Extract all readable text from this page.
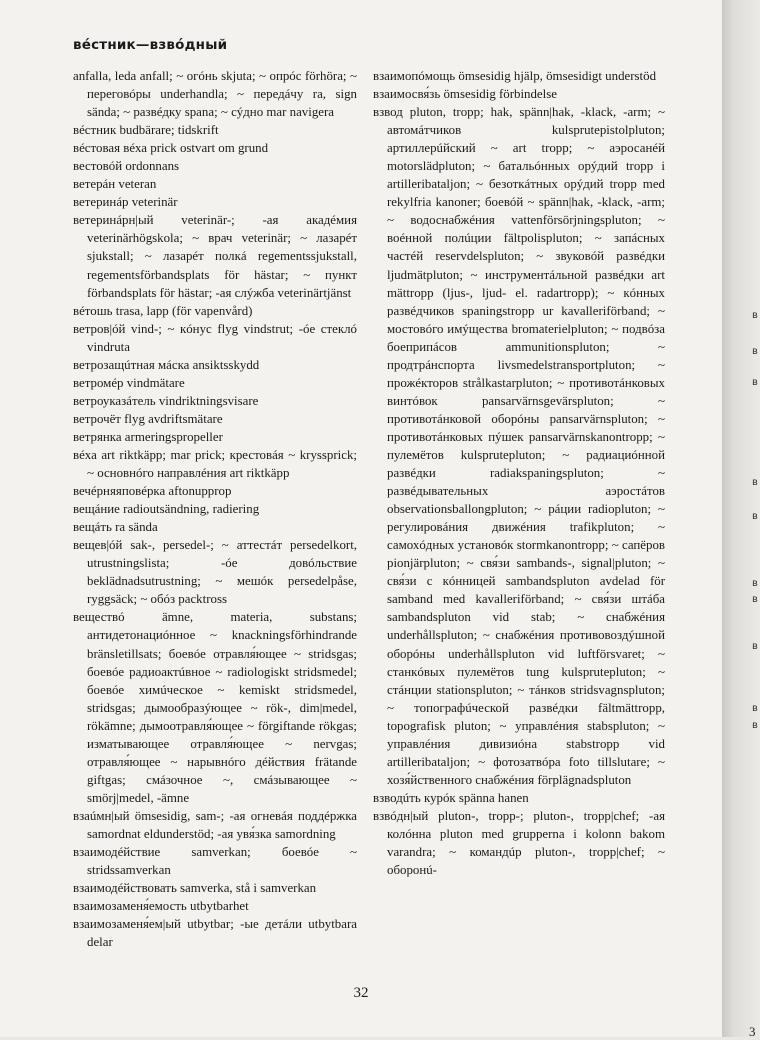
вéстник—взвóдный

anfalla, leda anfall; ~ огóнь skjuta; ~ опрóс förhöra; ~ переговóры underhandla; ~ передáчу ra, sign sända; ~ развéдку spana; ~ сýдно mar navigera

вéстник budbärare; tidskrift

вéстовая вéха prick ostvart om grund

вестовóй ordonnans

ветерáн veteran

ветеринáр veterinär

ветеринáрн|ый veterinär-; -ая акадéмия veterinärhögskola; ~ врач veterinär; ~ лазарéт sjukstall; ~ лазарéт полкá regementssjukstall, regementsförbandsplats för hästar; ~ пункт förbandsplats för hästar; -ая слýжба veterinärtjänst

вéтошь trasa, lapp (för vapenvård)

ветров|óй vind-; ~ кóнус flyg vindstrut; -óе стеклó vindruta

ветрозащúтная мáска ansiktsskydd

ветромéр vindmätare

ветроуказáтель vindriktningsvisare

ветрочёт flyg avdriftsmätare

ветрянка armeringspropeller

вéха art riktkäpp; mar prick; крестовáя ~ kryssprick; ~ основнóго направлéния art riktkäpp

вечéрняяповéрка aftonupprop

вещáние radioutsändning, radiering

вещáть ra sända

вещев|óй sak-, persedel-; ~ аттестáт persedelkort, utrustningslista; -óе довóльствие beklädnadsutrustning; ~ мешóк persedelpåse, ryggsäck; ~ обóз packtross

веществó ämne, materia, substans; антидетонациóнное ~ knackningsförhindrande bränsletillsats; боевóе отравля́ющее ~ stridsgas; боевóе радиоактúвное ~ radiologiskt stridsmedel; боевóе химúческое ~ kemiskt stridsmedel, stridsgas; дымообразýющее ~ rök-, dim|medel, rökämne; дымоотравля́ющее ~ förgiftande rökgas; изматывающее отравля́ющее ~ nervgas; отравля́ющее ~ нарывнóго дéйствия frätande giftgas; смáзочное ~, смáзывающее ~ smörj|medel, -ämne

взаúмн|ый ömsesidig, sam-; -ая огневáя поддéржка samordnat eldunderstöd; -ая увя́зка samordning

взаимодéйствие samverkan; боевóе ~ stridssamverkan

взаимодéйствовать samverka, stå i samverkan

взаимозаменя́емость utbytbarhet

взаимозаменя́ем|ый utbytbar; -ые детáли utbytbara delar

взаимопóмощь ömsesidig hjälp, ömsesidigt understöd

взаимосвя́зь ömsesidig förbindelse

взвод pluton, tropp; hak, spänn|hak, -klack, -arm; ~ автомáтчиков kulsprutepistolpluton; артиллерúйский ~ art tropp; ~ аэросанéй motorslädpluton; ~ батальóнных орýдий tropp i artilleribataljon; ~ безоткáтных орýдий tropp med rekylfria kanoner; боевóй ~ spänn|hak, -klack, -arm; ~ водоснабжéния vattenförsörjningspluton; ~ воéнной полúции fältpolispluton; ~ запáсных частéй reservdelspluton; ~ звуковóй развéдки ljudmätpluton; ~ инструментáльной развéдки art mättropp (ljus-, ljud- el. radartropp); ~ кóнных развéдчиков spaningstropp ur kavalleriförband; ~ мостовóго имýщества bromaterielpluton; ~ подвóза боеприпáсов ammunitionspluton; ~ продтрáнспорта livsmedelstransportpluton; ~ прожéкторов strålkastarpluton; ~ противотáнковых винтóвок pansarvärnsgevärspluton; ~ противотáнковой оборóны pansarvärnspluton; ~ противотáнковых пýшек pansarvärnskanontropp; ~ пулемётов kulsprutepluton; ~ радиациóнной развéдки radiakspaningspluton; ~ развéдывательных аэростáтов observationsballongpluton; ~ рáции radiopluton; ~ регулировáния движéния trafikpluton; ~ самохóдных установóк stormkanontropp; ~ сапёров pionjärpluton; ~ свя́зи sambands-, signal|pluton; ~ свя́зи с кóнницей sambandspluton avdelad för samband med kavalleriförband; ~ свя́зи штáба sambandspluton vid stab; ~ снабжéния underhållspluton; ~ снабжéния противовоздýшной оборóны underhållspluton vid luftförsvaret; ~ станкóвых пулемётов tung kulsprutepluton; ~ стáнции stationspluton; ~ тáнков stridsvagnspluton; ~ топографúческой развéдки fältmättropp, topografisk pluton; ~ управлéния stabspluton; ~ управлéния дивизиóна stabstropp vid artilleribataljon; ~ фотозатвóра foto tillslutare; ~ хозя́йственного снабжéния förplägnadspluton

взводúть курóк spänna hanen

взвóдн|ый pluton-, tropp-; pluton-, tropp|chef; -ая колóнна pluton med grupperna i kolonn bakom varandra; ~ командúр pluton-, tropp|chef; ~ оборонú-

32
в
в
в
в
в
в
в
в
в
в
3
